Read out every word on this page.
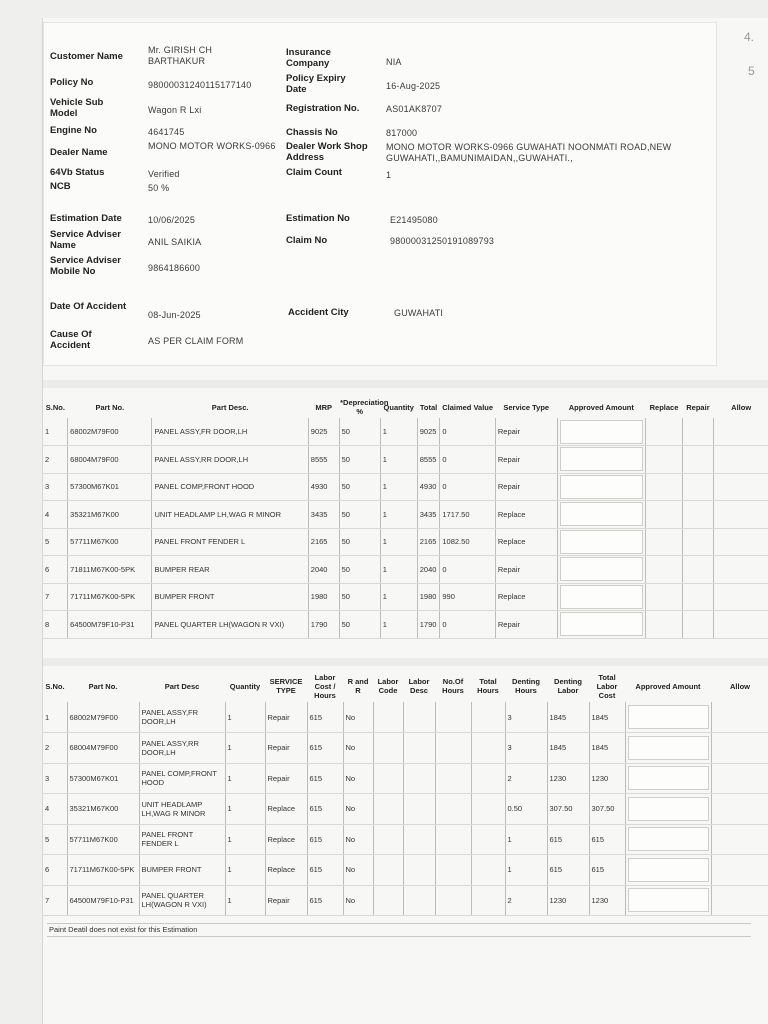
Customer Name
Mr. GIRISH CH BARTHAKUR
Policy No	98000031240115177140
Vehicle Sub Model	Wagon R Lxi
Engine No	4641745
Dealer Name
MONO MOTOR WORKS-0966
64Vb Status	Verified
NCB	50 %
Insurance Company	NIA
Policy Expiry Date	16-Aug-2025
Registration No.	AS01AK8707
Chassis No	817000
Dealer Work Shop Address
MONO MOTOR WORKS-0966 GUWAHATI NOONMATI ROAD,NEW GUWAHATI,,BAMUNIMAIDAN,,GUWAHATI.,
Claim Count	1
Estimation Date	10/06/2025	Estimation No	E21495080
Service Adviser Name	ANIL SAIKIA	Claim No	98000031250191089793
Service Adviser Mobile No	9864186600
Date Of Accident
08-Jun-2025	Accident City	GUWAHATI
Cause Of Accident	AS PER CLAIM FORM
S.No.	Part No.	Part Desc.	MRP	*Depreciation %	Quantity	Total	Claimed Value	Service Type	Approved Amount	Replace	Repair	Allow
1	68002M79F00	PANEL ASSY,FR DOOR,LH	9025	50	1	9025	0	Repair	

2	68004M79F00	PANEL ASSY,RR DOOR,LH	8555	50	1	8555	0	Repair	

3	57300M67K01	PANEL COMP,FRONT HOOD	4930	50	1	4930	0	Repair	

4	35321M67K00	UNIT HEADLAMP LH,WAG R MINOR	3435	50	1	3435	1717.50	Replace	

5	57711M67K00	PANEL FRONT FENDER L	2165	50	1	2165	1082.50	Replace	

6	71811M67K00-5PK	BUMPER REAR	2040	50	1	2040	0	Repair	

7	71711M67K00-5PK	BUMPER FRONT	1980	50	1	1980	990	Replace	

8	64500M79F10-P31	PANEL QUARTER LH(WAGON R VXI)	1790	50	1	1790	0	Repair	

S.No.	Part No.	Part Desc	Quantity	SERVICE TYPE	Labor Cost / Hours	R and R	Labor Code	Labor Desc	No.Of Hours	Total Hours	Denting Hours	Denting Labor	Total Labor Cost	Approved Amount	Allow
1	68002M79F00	PANEL ASSY,FR DOOR,LH	1	Repair	615	No					3	1845	1845	

2	68004M79F00	PANEL ASSY,RR DOOR,LH	1	Repair	615	No					3	1845	1845	

3	57300M67K01	PANEL COMP,FRONT HOOD	1	Repair	615	No					2	1230	1230	

4	35321M67K00	UNIT HEADLAMP LH,WAG R MINOR	1	Replace	615	No					0.50	307.50	307.50	

5	57711M67K00	PANEL FRONT FENDER L	1	Replace	615	No					1	615	615	

6	71711M67K00-5PK	BUMPER FRONT	1	Replace	615	No					1	615	615	

7	64500M79F10-P31	PANEL QUARTER LH(WAGON R VXI)	1	Repair	615	No					2	1230	1230	

Paint Deatil does not exist for this Estimation
4.
5
